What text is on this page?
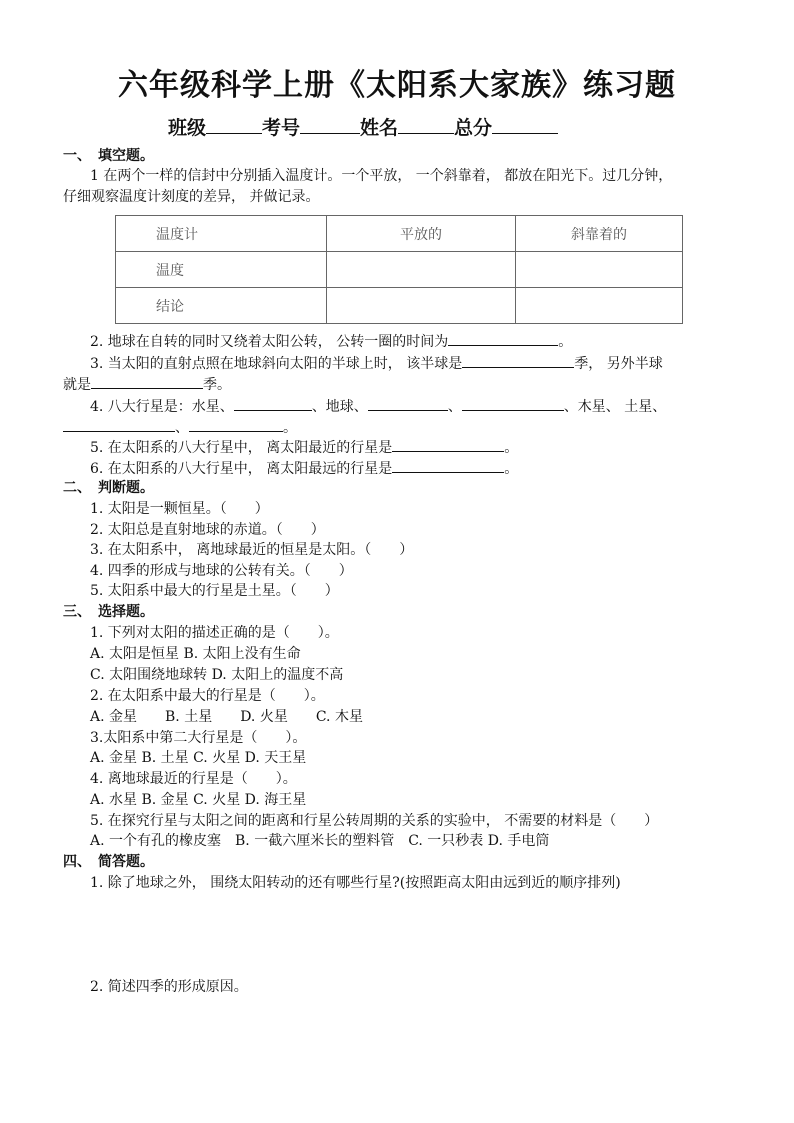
六年级科学上册《太阳系大家族》练习题
班级	考号	姓名	总分
一、　填空题。
1 在两个一样的信封中分别插入温度计。一个平放， 一个斜靠着， 都放在阳光下。过几分钟，
仔细观察温度计刻度的差异， 并做记录。
温度计	平放的	斜靠着的
温度		
结论		
2. 地球在自转的同时又绕着太阳公转， 公转一圈的时间为	。
3. 当太阳的直射点照在地球斜向太阳的半球上时， 该半球是	季， 另外半球
就是	季。
4. 八大行星是：水星、	、地球、	、	、木星、 土星、
、	。
5. 在太阳系的八大行星中， 离太阳最近的行星是	。
6. 在太阳系的八大行星中， 离太阳最远的行星是	。
二、　判断题。
1. 太阳是一颗恒星。（　　）
2. 太阳总是直射地球的赤道。（　　）
3. 在太阳系中， 离地球最近的恒星是太阳。（　　）
4. 四季的形成与地球的公转有关。（　　）
5. 太阳系中最大的行星是土星。（　　）
三、　选择题。
1. 下列对太阳的描述正确的是（　　）。
A. 太阳是恒星 B. 太阳上没有生命
C. 太阳围绕地球转 D. 太阳上的温度不高
2. 在太阳系中最大的行星是（　　）。
A. 金星　　B. 土星　　D. 火星　　C. 木星
3.太阳系中第二大行星是（　　）。
A. 金星 B. 土星 C. 火星 D. 天王星
4. 离地球最近的行星是（　　）。
A. 水星 B. 金星 C. 火星 D. 海王星
5. 在探究行星与太阳之间的距离和行星公转周期的关系的实验中， 不需要的材料是（　　）
A. 一个有孔的橡皮塞　B. 一截六厘米长的塑料管　C. 一只秒表 D. 手电筒
四、　简答题。
1. 除了地球之外， 围绕太阳转动的还有哪些行星?(按照距高太阳由远到近的顺序排列)
2. 简述四季的形成原因。
